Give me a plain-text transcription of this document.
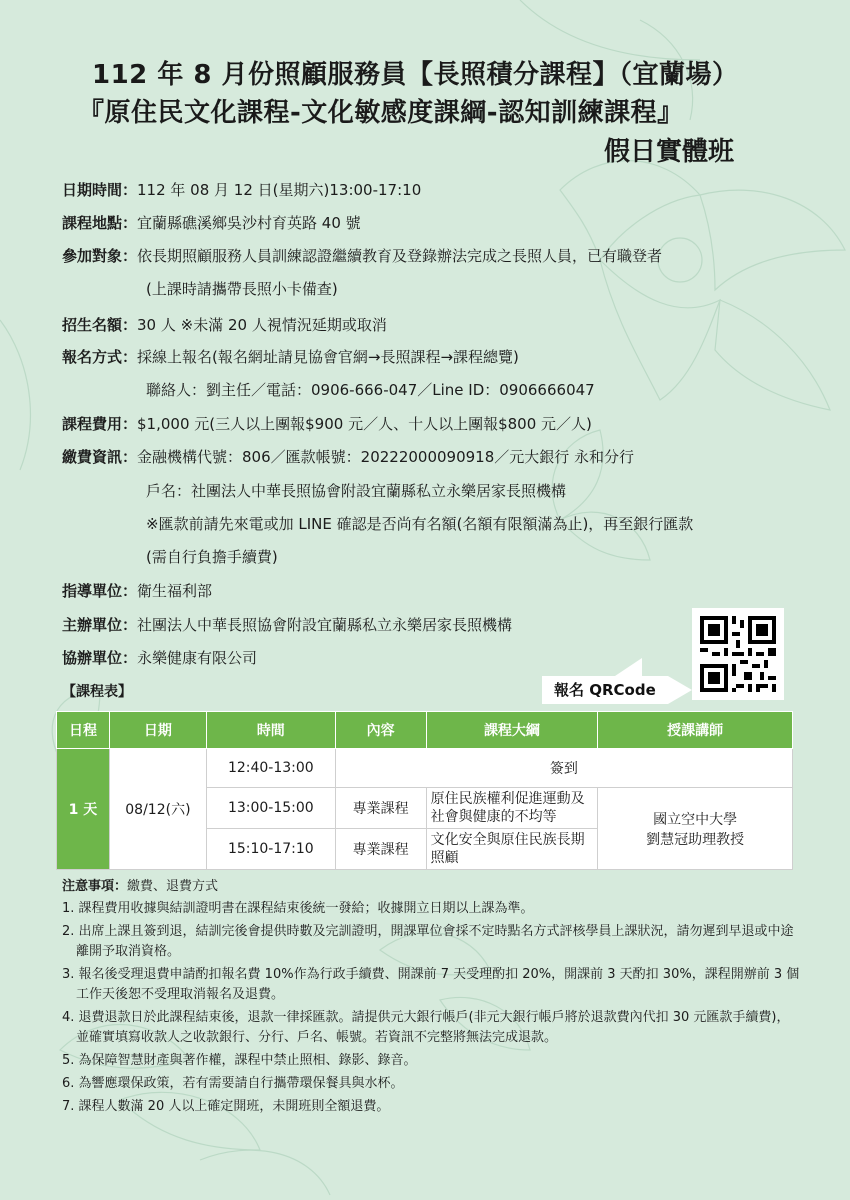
112 年 8 月份照顧服務員【長照積分課程】（宜蘭場）
『原住民文化課程-文化敏感度課綱-認知訓練課程』
假日實體班
日期時間：112 年 08 月 12 日(星期六)13:00-17:10
課程地點：宜蘭縣礁溪鄉吳沙村育英路 40 號
參加對象：依長期照顧服務人員訓練認證繼續教育及登錄辦法完成之長照人員，已有職登者
(上課時請攜帶長照小卡備查)
招生名額：30 人 ※未滿 20 人視情況延期或取消
報名方式：採線上報名(報名網址請見協會官網→長照課程→課程總覽)
聯絡人：劉主任／電話：0906-666-047／Line ID：0906666047
課程費用：$1,000 元(三人以上團報$900 元／人、十人以上團報$800 元／人)
繳費資訊：金融機構代號：806／匯款帳號：20222000090918／元大銀行 永和分行
戶名：社團法人中華長照協會附設宜蘭縣私立永樂居家長照機構
※匯款前請先來電或加 LINE 確認是否尚有名額(名額有限額滿為止)，再至銀行匯款
(需自行負擔手續費)
指導單位：衛生福利部
主辦單位：社團法人中華長照協會附設宜蘭縣私立永樂居家長照機構
協辦單位：永樂健康有限公司
報名 QRCode
【課程表】
日程	日期	時間	內容	課程大綱	授課講師
1 天	08/12(六)	12:40-13:00	簽到		
		13:00-15:00	專業課程	原住民族權利促進運動及社會與健康的不均等	國立空中大學
劉慧冠助理教授

		15:10-17:10	專業課程	文化安全與原住民族長期照顧	
注意事項：繳費、退費方式
1. 課程費用收據與結訓證明書在課程結束後統一發給；收據開立日期以上課為準。
2. 出席上課且簽到退，結訓完後會提供時數及完訓證明，開課單位會採不定時點名方式評核學員上課狀況，請勿遲到早退或中途離開予取消資格。
3. 報名後受理退費申請酌扣報名費 10%作為行政手續費、開課前 7 天受理酌扣 20%，開課前 3 天酌扣 30%，課程開辦前 3 個工作天後恕不受理取消報名及退費。
4. 退費退款日於此課程結束後，退款一律採匯款。請提供元大銀行帳戶(非元大銀行帳戶將於退款費內代扣 30 元匯款手續費)，並確實填寫收款人之收款銀行、分行、戶名、帳號。若資訊不完整將無法完成退款。
5. 為保障智慧財產與著作權，課程中禁止照相、錄影、錄音。
6. 為響應環保政策，若有需要請自行攜帶環保餐具與水杯。
7. 課程人數滿 20 人以上確定開班，未開班則全額退費。
